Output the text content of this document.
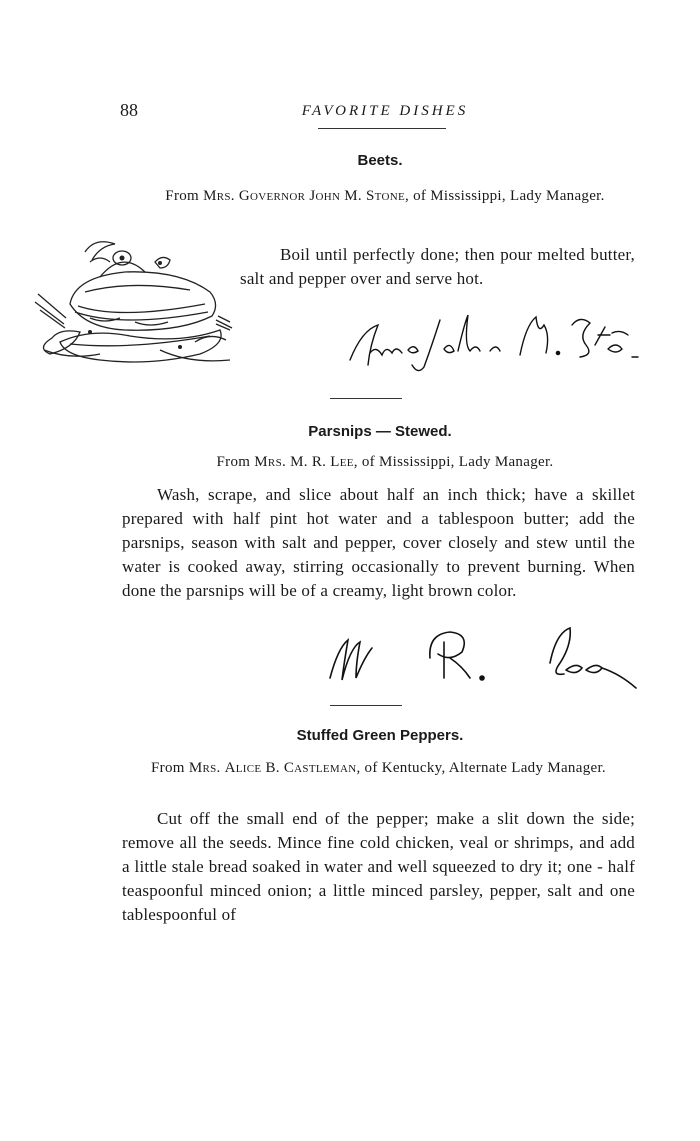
88	FAVORITE DISHES
Beets.
From Mrs. Governor John M. Stone, of Mississippi, Lady Manager.
Boil until perfectly done; then pour melted butter, salt and pepper over and serve hot.
Parsnips — Stewed.
From Mrs. M. R. Lee, of Mississippi, Lady Manager.
Wash, scrape, and slice about half an inch thick; have a skillet prepared with half pint hot water and a tablespoon butter; add the parsnips, season with salt and pepper, cover closely and stew until the water is cooked away, stirring occasionally to prevent burning. When done the parsnips will be of a creamy, light brown color.
Stuffed Green Peppers.
From Mrs. Alice B. Castleman, of Kentucky, Alternate Lady Manager.
Cut off the small end of the pepper; make a slit down the side; remove all the seeds. Mince fine cold chicken, veal or shrimps, and add a little stale bread soaked in water and well squeezed to dry it; one - half teaspoonful minced onion; a little minced parsley, pepper, salt and one tablespoonful of
